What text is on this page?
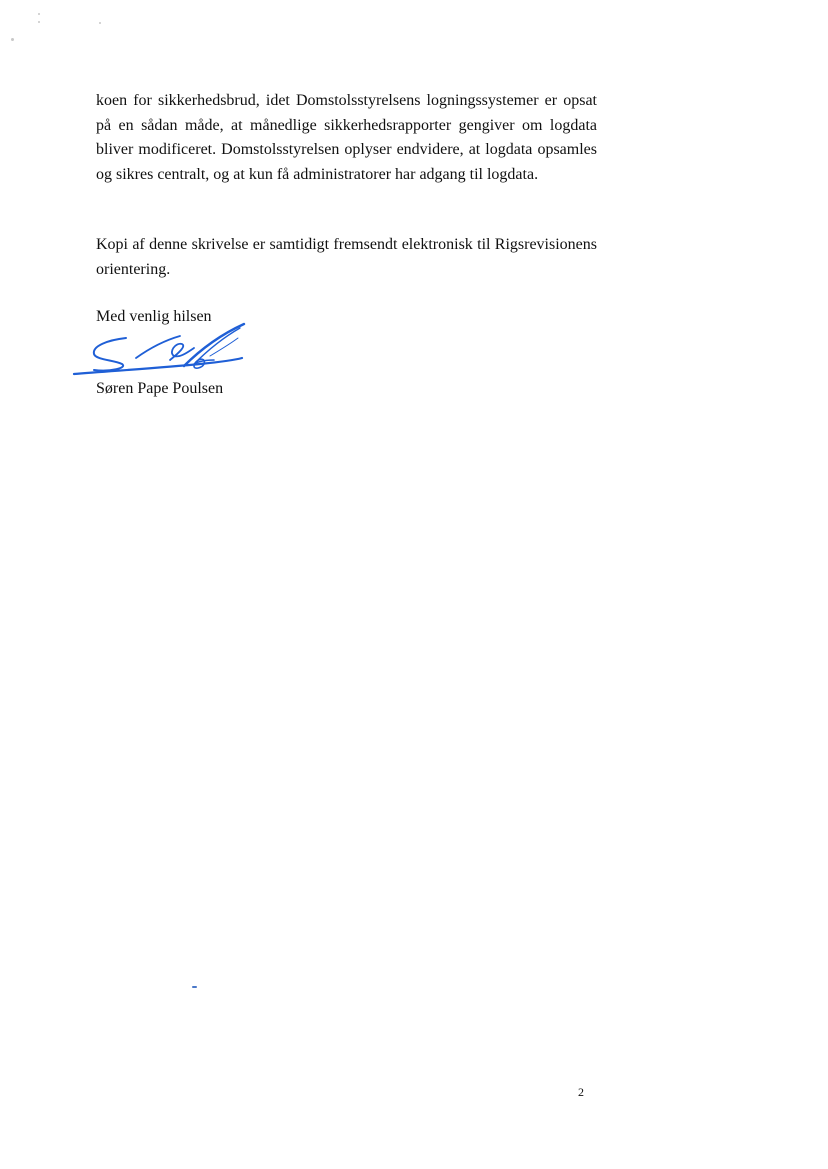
koen for sikkerhedsbrud, idet Domstolsstyrelsens logningssystemer er opsat på en sådan måde, at månedlige sikkerhedsrapporter gengiver om logdata bliver modificeret. Domstolsstyrelsen oplyser endvidere, at logdata opsamles og sikres centralt, og at kun få administratorer har adgang til logdata.

Kopi af denne skrivelse er samtidigt fremsendt elektronisk til Rigsrevisionens orientering.

Med venlig hilsen

Søren Pape Poulsen

2
